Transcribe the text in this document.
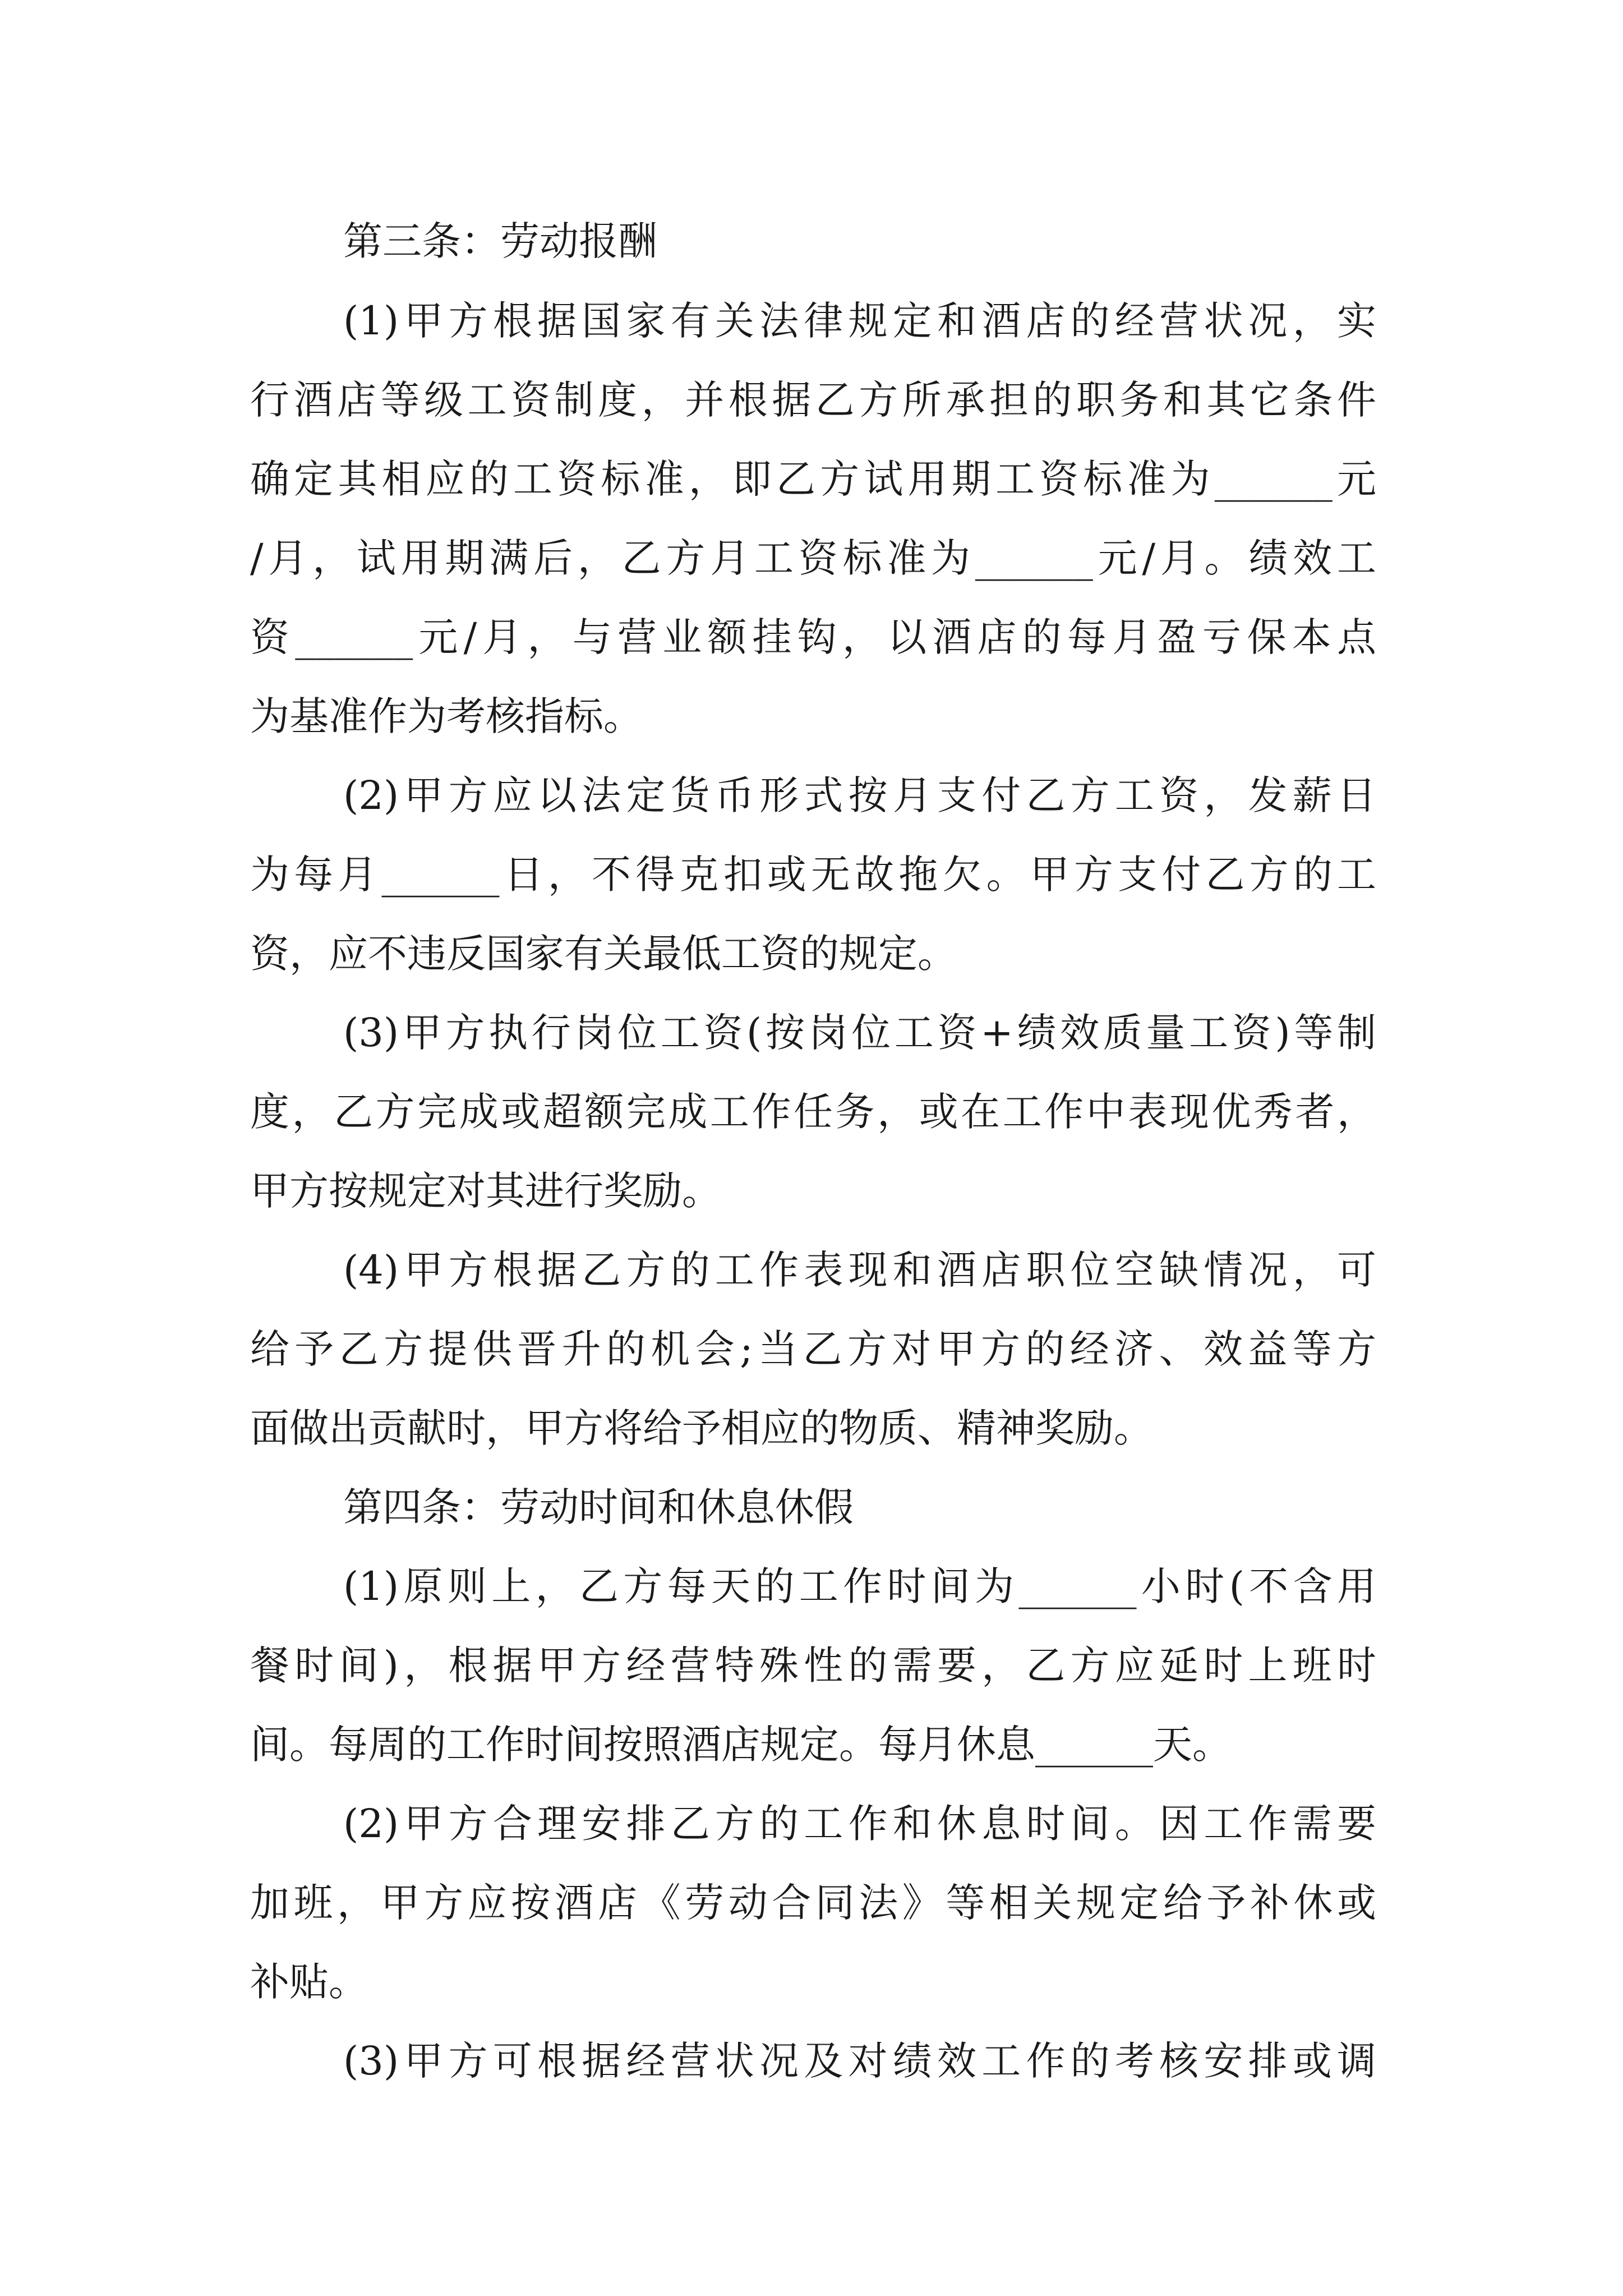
第三条：劳动报酬

(1)甲方根据国家有关法律规定和酒店的经营状况，实

行酒店等级工资制度，并根据乙方所承担的职务和其它条件

确定其相应的工资标准，即乙方试用期工资标准为______元

/月，试用期满后，乙方月工资标准为______元/月。绩效工

资______元/月，与营业额挂钩，以酒店的每月盈亏保本点

为基准作为考核指标。

(2)甲方应以法定货币形式按月支付乙方工资，发薪日

为每月______日，不得克扣或无故拖欠。甲方支付乙方的工

资，应不违反国家有关最低工资的规定。

(3)甲方执行岗位工资(按岗位工资+绩效质量工资)等制

度，乙方完成或超额完成工作任务，或在工作中表现优秀者，

甲方按规定对其进行奖励。

(4)甲方根据乙方的工作表现和酒店职位空缺情况，可

给予乙方提供晋升的机会;当乙方对甲方的经济、效益等方

面做出贡献时，甲方将给予相应的物质、精神奖励。

第四条：劳动时间和休息休假

(1)原则上，乙方每天的工作时间为______小时(不含用

餐时间)，根据甲方经营特殊性的需要，乙方应延时上班时

间。每周的工作时间按照酒店规定。每月休息______天。

(2)甲方合理安排乙方的工作和休息时间。因工作需要

加班，甲方应按酒店《劳动合同法》等相关规定给予补休或

补贴。

(3)甲方可根据经营状况及对绩效工作的考核安排或调
